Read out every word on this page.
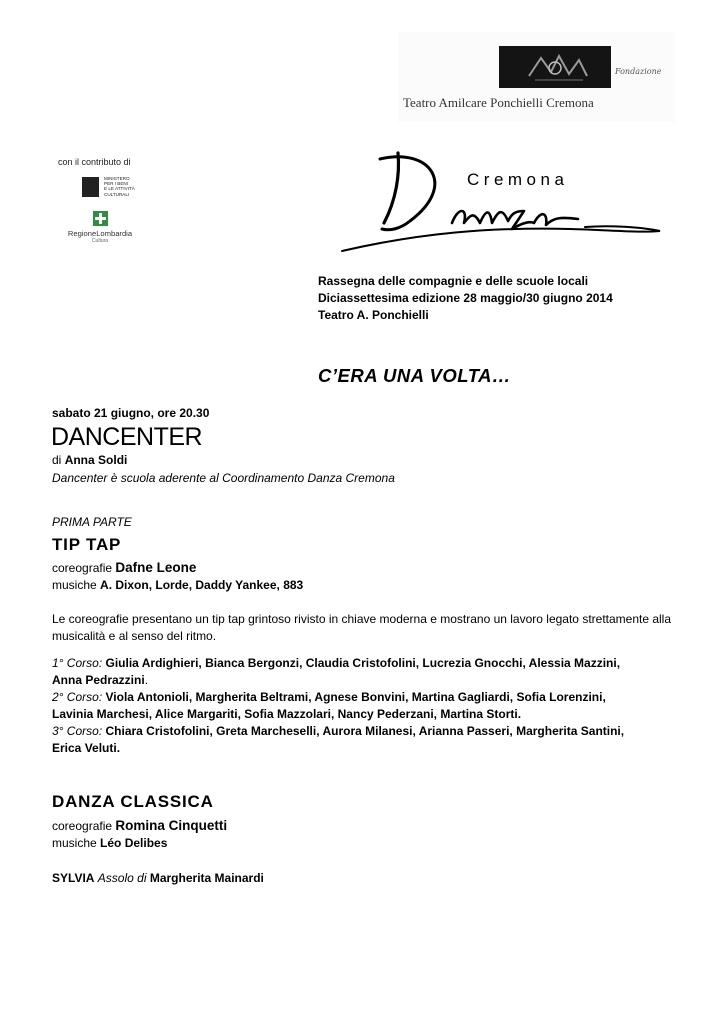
Fondazione
Teatro Amilcare Ponchielli Cremona
con il contributo di
MINISTERO
PER I BENI
E LE ATTIVITÀ
CULTURALI
RegioneLombardia
Cultura
Cremona
Rassegna delle compagnie e delle scuole locali
Diciassettesima edizione 28 maggio/30 giugno 2014
Teatro A. Ponchielli
C’ERA UNA VOLTA…
sabato 21 giugno, ore 20.30
DANCENTER
di Anna Soldi
Dancenter è scuola aderente al Coordinamento Danza Cremona
PRIMA PARTE
TIP TAP
coreografie Dafne Leone
musiche A. Dixon, Lorde, Daddy Yankee, 883
Le coreografie presentano un tip tap grintoso rivisto in chiave moderna e mostrano un lavoro legato strettamente alla
musicalità e al senso del ritmo.
1° Corso: Giulia Ardighieri, Bianca Bergonzi, Claudia Cristofolini, Lucrezia Gnocchi, Alessia Mazzini,
Anna Pedrazzini.
2° Corso: Viola Antonioli, Margherita Beltrami, Agnese Bonvini, Martina Gagliardi, Sofia Lorenzini,
Lavinia Marchesi, Alice Margariti, Sofia Mazzolari, Nancy Pederzani, Martina Storti.
3° Corso: Chiara Cristofolini, Greta Marcheselli, Aurora Milanesi, Arianna Passeri, Margherita Santini,
Erica Veluti.
DANZA CLASSICA
coreografie Romina Cinquetti
musiche Léo Delibes
SYLVIA Assolo di Margherita Mainardi
